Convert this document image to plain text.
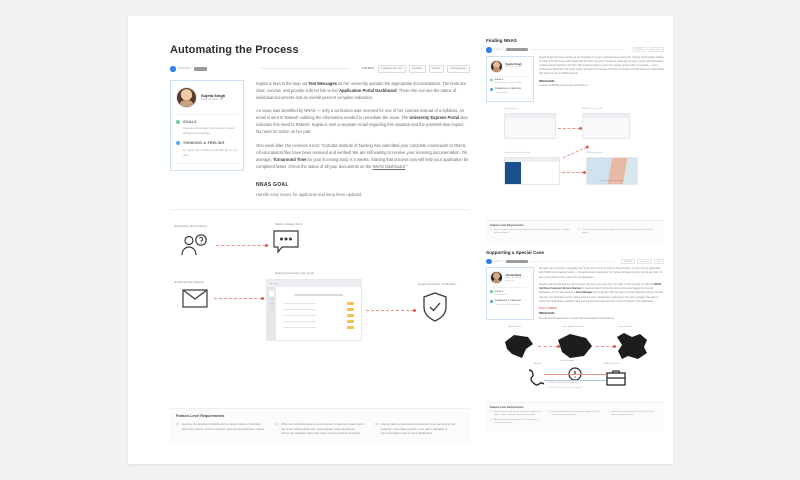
Automating the Process
EFFORT	THEMES	Customer Service	Duration	Status	Transparency
Sujeta Singh
India, 35 years old
GOALS
Oversee document process to ensure things run smoothly.
THINKING & FEELING
I'm glad I don't have to do this all on my own.
Sujeta is kept in the loop via Text Messages as her university uploads the appropriate documentation. The texts are clear, concise, and provide a direct link to her Application Portal Dashboard. There she can see the status of individual documents and an overall percent complete indication.
An issue was identified by NNAS — only a curriculum was received for one of her courses instead of a syllabus. An email is sent to Rakesh outlining the information needed to remediate the issue. The University Express Portal also indicates this need to Rakesh. Sujeta is sent a separate email regarding this situation and the potential time impact. No need for action on her part.
One week later she receives a text: "Calcutta Institute of Nursing has submitted your complete coursework to NNAS. All educational files have been received and verified! We are still waiting to receive your licensing documentation. On average, Turnaround Time for your licensing body is 4 weeks. Starting that process now will help your application be completed faster. Check the status of all your documents on the NNAS Dashboard."
NNAS GOAL
Handle easy issues for applicants and keep them updated.
Wondering about Status	Status Update Texts
NNAS Emails Rakesh
Rakesh Addresses the Issue
Sujeta Receives Verification
Feature-Level Requirements
[1] Improve the Applicant Dashboard to clearly indicate individual document status, actions required, and overall application status.
[2] When an individual issue is encountered, proactively reach out to the responsible parties with personalized communications. Inform the applicant about the issue and any actions required.
[3] Use big data to determine turnaround times per activity per institution. Use data specific to the user's situation in communications and on their dashboard.
Finding NNAS
EFFORT	THEMES	Awareness
Sujeta Singh
India, 35 years old
GOALS
Determine how to get a license.
THINKING & FEELING
I need answers.
Sujeta Singh has been working at her hospital for 5 years, and has been looking for nursing opportunities outside of India. A friend of hers tells Sujeta that her aunt moved to Canada to Laval ago and got a great nursing position at Mount Sinai Hospital in Toronto. This inspired Sujeta to look into nursing opportunities in Canada — she's excited and optimistic. She looks online and finds the College of Nurses of Ontario and she discovers information that leads her to the NNAS website.
NNAS GOAL
Increase findability and service for NNAS.ca
Google Search	NNAS Search Results
College of Nurses of Ontario	NNAS Homepage
Discover needed for applicants
Feature-Level Requirements
[1] Improve organic search engine results for relevant nursing regulatory bodies, colleges and associations.
[2] Provide clear entry points and guidance for international nurses at the start of the journey.
Supporting a Special Case
EFFORT	THEMES	Assistance	Trust
Ahmad Bitar
Syria / Saudi Arabia, 41 years old
GOALS
Resolve his file.
THINKING & FEELING
This is more than I expected.
Ahmad's friend Ahmad is originally from Syria but is currently living in Saudi Arabia. He also has an application with NNAS but is having trouble — his application is waiting for his Syrian expiration and he cannot get many of the nursing documents needed for his application.
Sujeta recommends that he call Customer Service to see how they can help. At the evening he calls the NNAS Call Now Customer Service Number in Saudi Arabia. Having that toll-free line was flagged for special assistance. He is connected to a Case Manager that is familiar with the types of issues Ahmad is facing. Ahmad now has one dedicated contact that knows his story, background, and issues. His case manager was able to extend his application expiration date and reassure Ahmad and some of the confusion in his application.
There is NNAS
NNAS GOAL
Provide special assistance to cases with extenuating circumstances.
Syria (Home)	Saudi Arabia (Current)	Canada (Goal)
Ahmad
Case Manager
NNAS Case File
Toll-free special assistance line
Dedicated case manager assigned
Feature-Level Requirements
[1] Provide international toll-free numbers for applicants in regions where standard support is unavailable.
[3] Allow application expiry dates to be extended on a case-by-case basis.
[2] Assign dedicated case managers to applicants facing extenuating circumstances.
[4] Surface the case manager's direct contact details within the applicant portal.
